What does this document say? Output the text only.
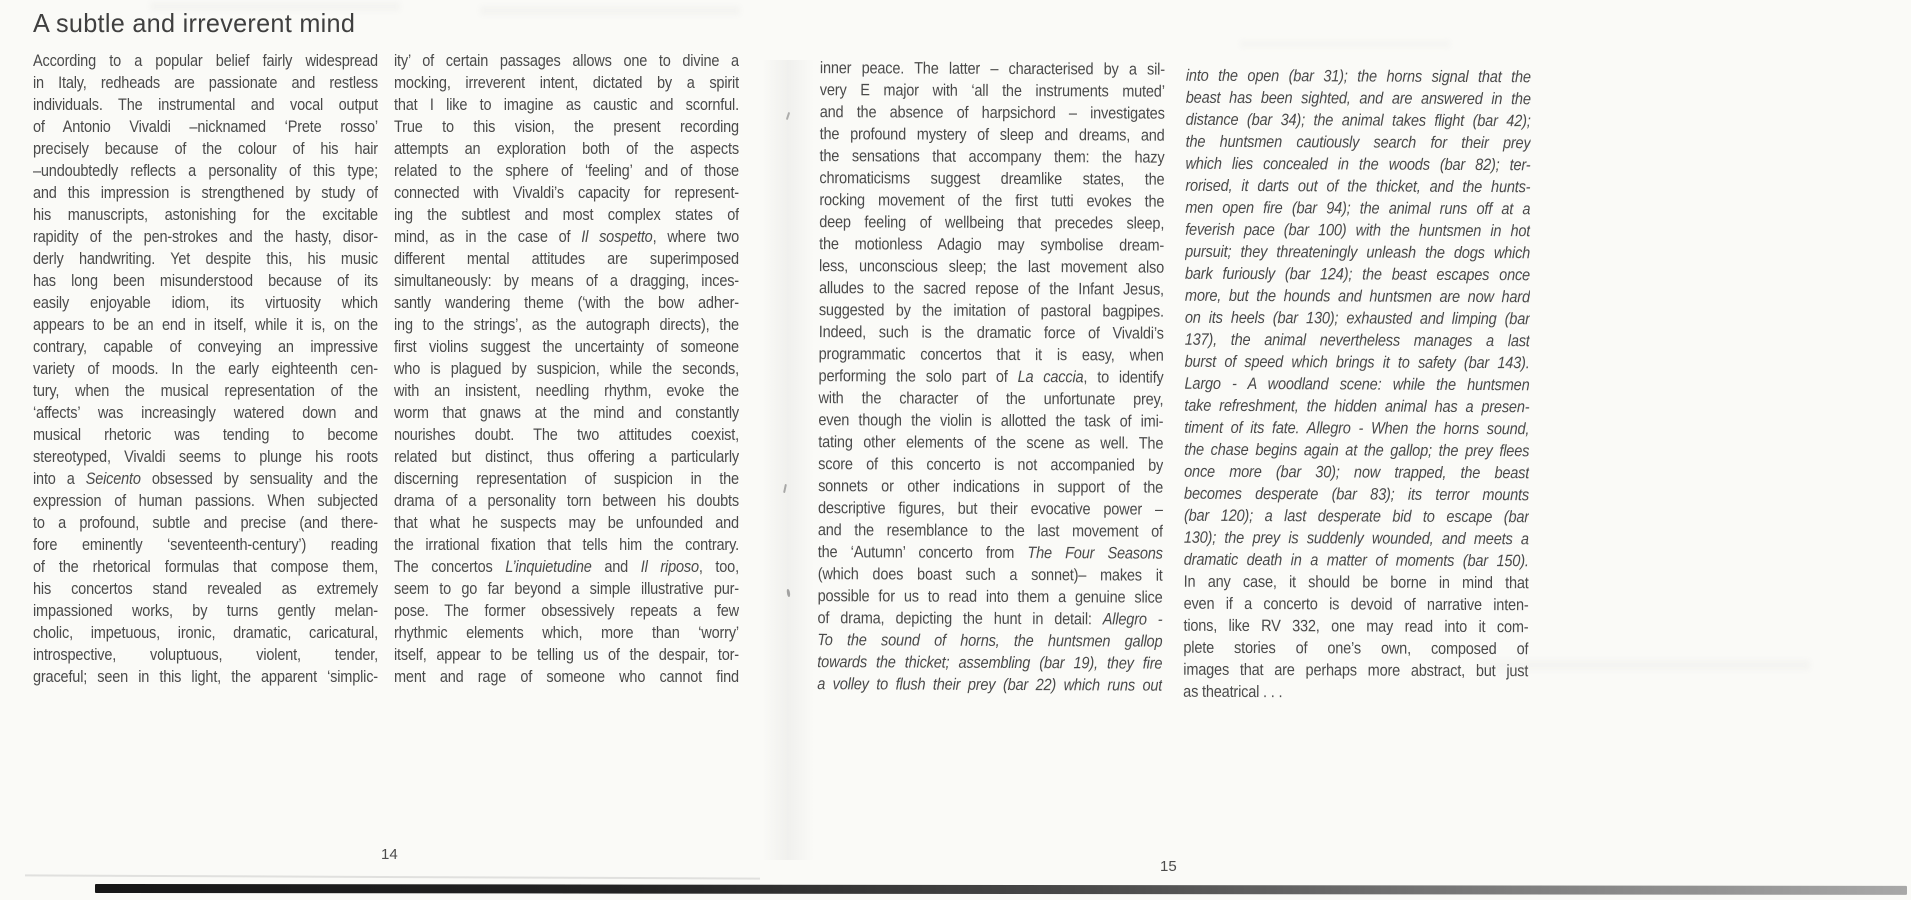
A subtle and irreverent mind
According to a popular belief fairly widespread
in Italy, redheads are passionate and restless
individuals. The instrumental and vocal output
of Antonio Vivaldi –nicknamed ‘Prete rosso’
precisely because of the colour of his hair
–undoubtedly reflects a personality of this type;
and this impression is strengthened by study of
his manuscripts, astonishing for the excitable
rapidity of the pen-strokes and the hasty, disor-
derly handwriting. Yet despite this, his music
has long been misunderstood because of its
easily enjoyable idiom, its virtuosity which
appears to be an end in itself, while it is, on the
contrary, capable of conveying an impressive
variety of moods. In the early eighteenth cen-
tury, when the musical representation of the
‘affects’ was increasingly watered down and
musical rhetoric was tending to become
stereotyped, Vivaldi seems to plunge his roots
into a Seicento obsessed by sensuality and the
expression of human passions. When subjected
to a profound, subtle and precise (and there-
fore eminently ‘seventeenth-century’) reading
of the rhetorical formulas that compose them,
his concertos stand revealed as extremely
impassioned works, by turns gently melan-
cholic, impetuous, ironic, dramatic, caricatural,
introspective, voluptuous, violent, tender,
graceful; seen in this light, the apparent ‘simplic-
ity’ of certain passages allows one to divine a
mocking, irreverent intent, dictated by a spirit
that I like to imagine as caustic and scornful.
True to this vision, the present recording
attempts an exploration both of the aspects
related to the sphere of ‘feeling’ and of those
connected with Vivaldi’s capacity for represent-
ing the subtlest and most complex states of
mind, as in the case of Il sospetto, where two
different mental attitudes are superimposed
simultaneously: by means of a dragging, inces-
santly wandering theme (‘with the bow adher-
ing to the strings’, as the autograph directs), the
first violins suggest the uncertainty of someone
who is plagued by suspicion, while the seconds,
with an insistent, needling rhythm, evoke the
worm that gnaws at the mind and constantly
nourishes doubt. The two attitudes coexist,
related but distinct, thus offering a particularly
discerning representation of suspicion in the
drama of a personality torn between his doubts
that what he suspects may be unfounded and
the irrational fixation that tells him the contrary.
The concertos L’inquietudine and Il riposo, too,
seem to go far beyond a simple illustrative pur-
pose. The former obsessively repeats a few
rhythmic elements which, more than ‘worry’
itself, appear to be telling us of the despair, tor-
ment and rage of someone who cannot find
inner peace. The latter – characterised by a sil-
very E major with ‘all the instruments muted’
and the absence of harpsichord – investigates
the profound mystery of sleep and dreams, and
the sensations that accompany them: the hazy
chromaticisms suggest dreamlike states, the
rocking movement of the first tutti evokes the
deep feeling of wellbeing that precedes sleep,
the motionless Adagio may symbolise dream-
less, unconscious sleep; the last movement also
alludes to the sacred repose of the Infant Jesus,
suggested by the imitation of pastoral bagpipes.
Indeed, such is the dramatic force of Vivaldi’s
programmatic concertos that it is easy, when
performing the solo part of La caccia, to identify
with the character of the unfortunate prey,
even though the violin is allotted the task of imi-
tating other elements of the scene as well. The
score of this concerto is not accompanied by
sonnets or other indications in support of the
descriptive figures, but their evocative power –
and the resemblance to the last movement of
the ‘Autumn’ concerto from The Four Seasons
(which does boast such a sonnet)– makes it
possible for us to read into them a genuine slice
of drama, depicting the hunt in detail: Allegro -
To the sound of horns, the huntsmen gallop
towards the thicket; assembling (bar 19), they fire
a volley to flush their prey (bar 22) which runs out
into the open (bar 31); the horns signal that the
beast has been sighted, and are answered in the
distance (bar 34); the animal takes flight (bar 42);
the huntsmen cautiously search for their prey
which lies concealed in the woods (bar 82); ter-
rorised, it darts out of the thicket, and the hunts-
men open fire (bar 94); the animal runs off at a
feverish pace (bar 100) with the huntsmen in hot
pursuit; they threateningly unleash the dogs which
bark furiously (bar 124); the beast escapes once
more, but the hounds and huntsmen are now hard
on its heels (bar 130); exhausted and limping (bar
137), the animal nevertheless manages a last
burst of speed which brings it to safety (bar 143).
Largo - A woodland scene: while the huntsmen
take refreshment, the hidden animal has a presen-
timent of its fate. Allegro - When the horns sound,
the chase begins again at the gallop; the prey flees
once more (bar 30); now trapped, the beast
becomes desperate (bar 83); its terror mounts
(bar 120); a last desperate bid to escape (bar
130); the prey is suddenly wounded, and meets a
dramatic death in a matter of moments (bar 150).
In any case, it should be borne in mind that
even if a concerto is devoid of narrative inten-
tions, like RV 332, one may read into it com-
plete stories of one’s own, composed of
images that are perhaps more abstract, but just
as theatrical . . .
14
15
